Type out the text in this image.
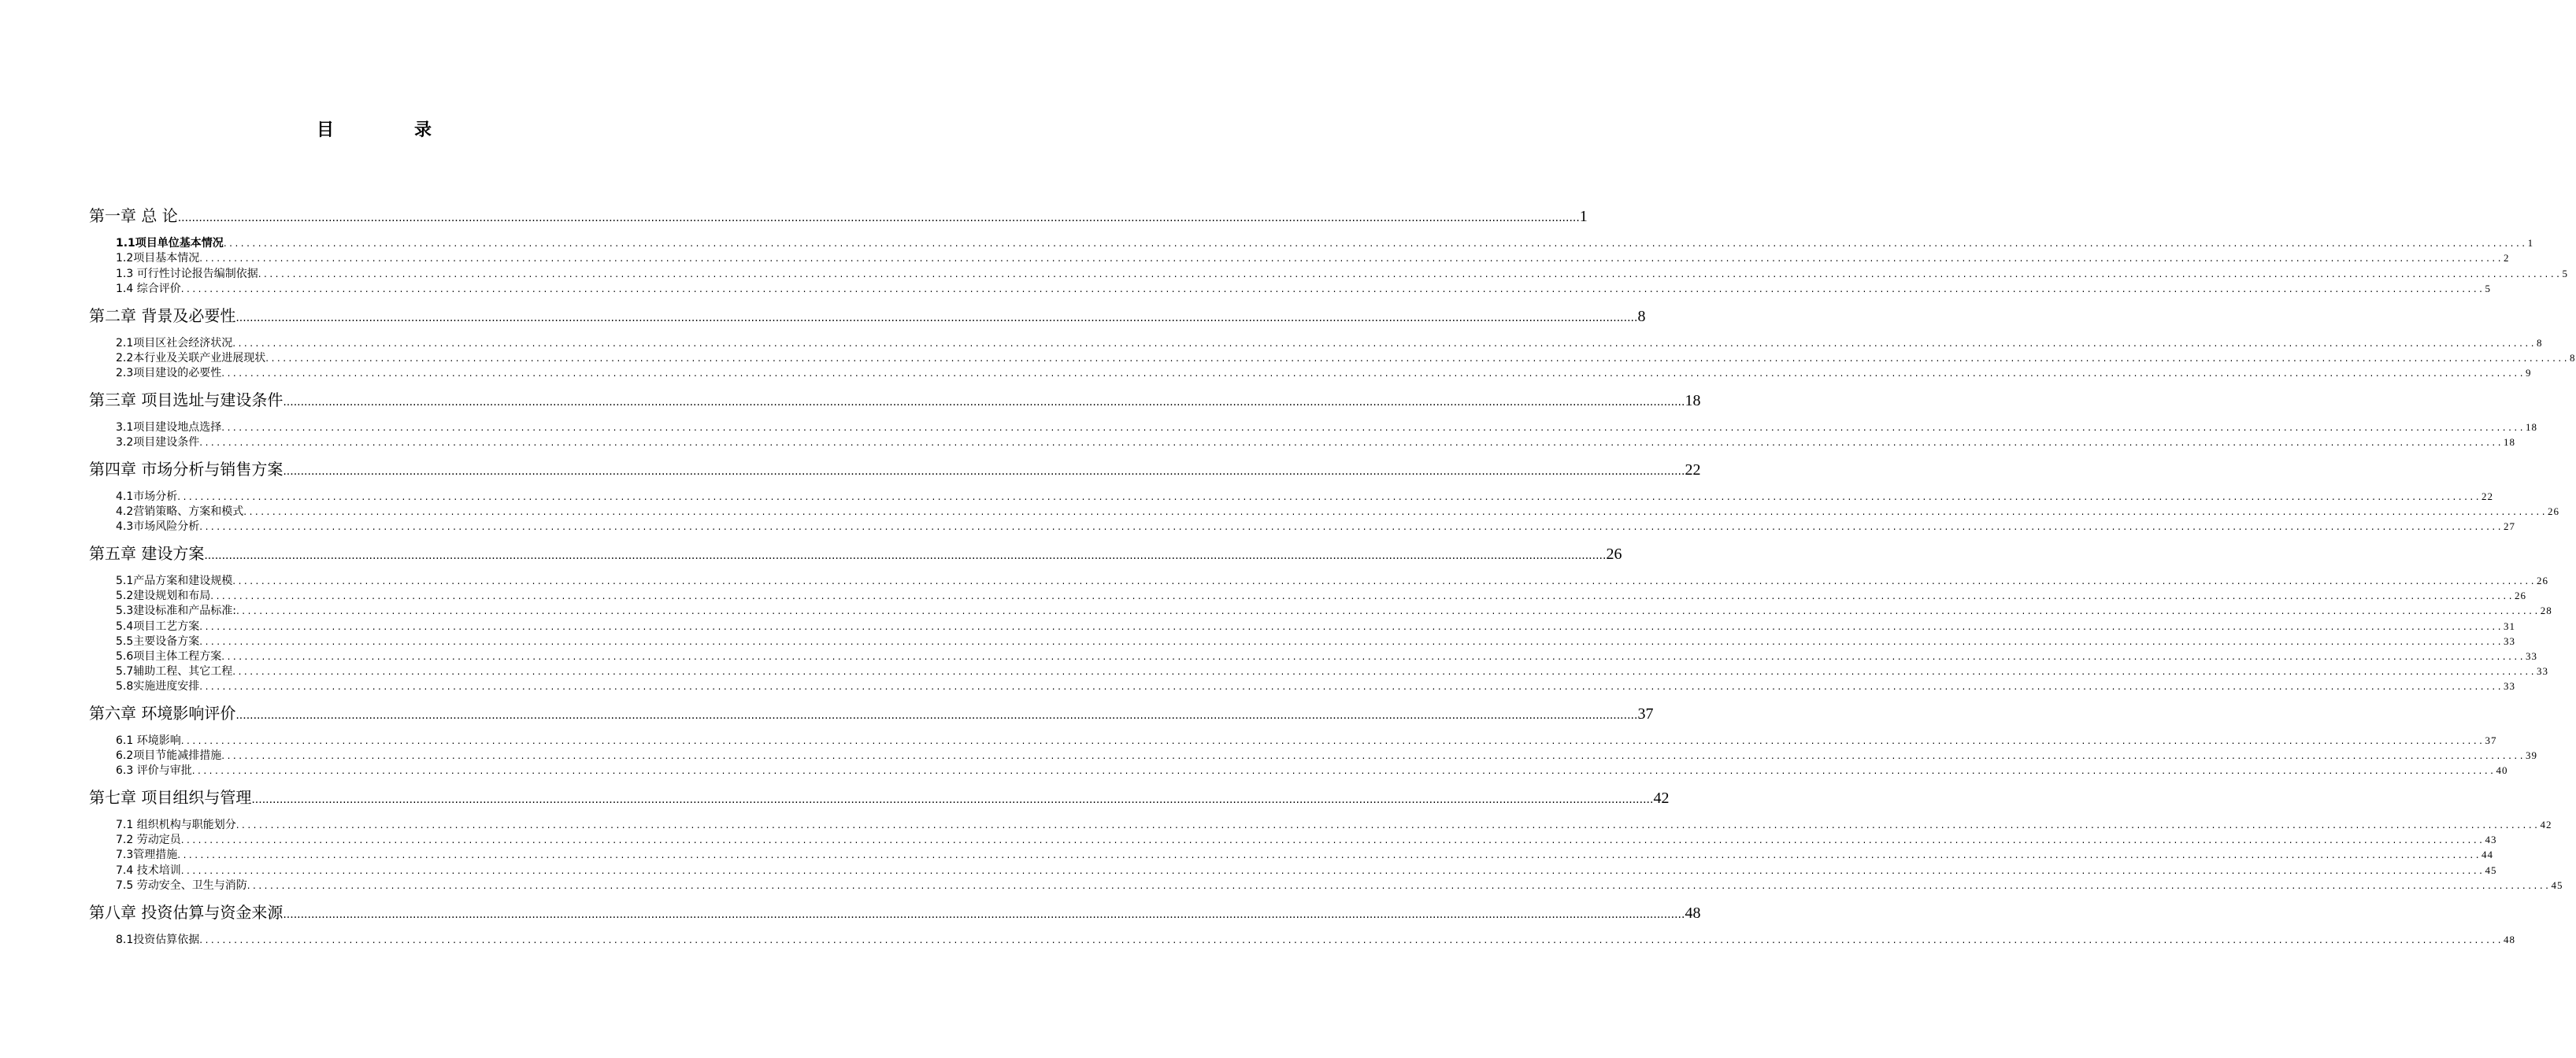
目　录
第一章 总 论 ................................................................................................................................................................................................................................................................................................................................................................................................................ 1
1.1项目单位基本情况 ................................................................................................................................................................................................................................................................................................................................................................................................................ 1
1.2项目基本情况 ................................................................................................................................................................................................................................................................................................................................................................................................................ 2
1.3 可行性讨论报告编制依据 ................................................................................................................................................................................................................................................................................................................................................................................................................ 5
1.4 综合评价 ................................................................................................................................................................................................................................................................................................................................................................................................................ 5
第二章 背景及必要性 ................................................................................................................................................................................................................................................................................................................................................................................................................ 8
2.1项目区社会经济状况 ................................................................................................................................................................................................................................................................................................................................................................................................................ 8
2.2本行业及关联产业进展现状 ................................................................................................................................................................................................................................................................................................................................................................................................................ 8
2.3项目建设的必要性 ................................................................................................................................................................................................................................................................................................................................................................................................................ 9
第三章 项目选址与建设条件 ................................................................................................................................................................................................................................................................................................................................................................................................................ 18
3.1项目建设地点选择 ................................................................................................................................................................................................................................................................................................................................................................................................................ 18
3.2项目建设条件 ................................................................................................................................................................................................................................................................................................................................................................................................................ 18
第四章 市场分析与销售方案 ................................................................................................................................................................................................................................................................................................................................................................................................................ 22
4.1市场分析 ................................................................................................................................................................................................................................................................................................................................................................................................................ 22
4.2营销策略、方案和模式 ................................................................................................................................................................................................................................................................................................................................................................................................................ 26
4.3市场风险分析 ................................................................................................................................................................................................................................................................................................................................................................................................................ 27
第五章 建设方案 ................................................................................................................................................................................................................................................................................................................................................................................................................ 26
5.1产品方案和建设规模 ................................................................................................................................................................................................................................................................................................................................................................................................................ 26
5.2建设规划和布局 ................................................................................................................................................................................................................................................................................................................................................................................................................ 26
5.3建设标准和产品标准: ................................................................................................................................................................................................................................................................................................................................................................................................................ 28
5.4项目工艺方案 ................................................................................................................................................................................................................................................................................................................................................................................................................ 31
5.5主要设备方案 ................................................................................................................................................................................................................................................................................................................................................................................................................ 33
5.6项目主体工程方案 ................................................................................................................................................................................................................................................................................................................................................................................................................ 33
5.7辅助工程、其它工程 ................................................................................................................................................................................................................................................................................................................................................................................................................ 33
5.8实施进度安排 ................................................................................................................................................................................................................................................................................................................................................................................................................ 33
第六章 环境影响评价 ................................................................................................................................................................................................................................................................................................................................................................................................................ 37
6.1 环境影响 ................................................................................................................................................................................................................................................................................................................................................................................................................ 37
6.2项目节能减排措施 ................................................................................................................................................................................................................................................................................................................................................................................................................ 39
6.3 评价与审批 ................................................................................................................................................................................................................................................................................................................................................................................................................ 40
第七章 项目组织与管理 ................................................................................................................................................................................................................................................................................................................................................................................................................ 42
7.1 组织机构与职能划分 ................................................................................................................................................................................................................................................................................................................................................................................................................ 42
7.2 劳动定员 ................................................................................................................................................................................................................................................................................................................................................................................................................ 43
7.3管理措施 ................................................................................................................................................................................................................................................................................................................................................................................................................ 44
7.4 技术培训 ................................................................................................................................................................................................................................................................................................................................................................................................................ 45
7.5 劳动安全、卫生与消防 ................................................................................................................................................................................................................................................................................................................................................................................................................ 45
第八章 投资估算与资金来源 ................................................................................................................................................................................................................................................................................................................................................................................................................ 48
8.1投资估算依据 ................................................................................................................................................................................................................................................................................................................................................................................................................ 48
